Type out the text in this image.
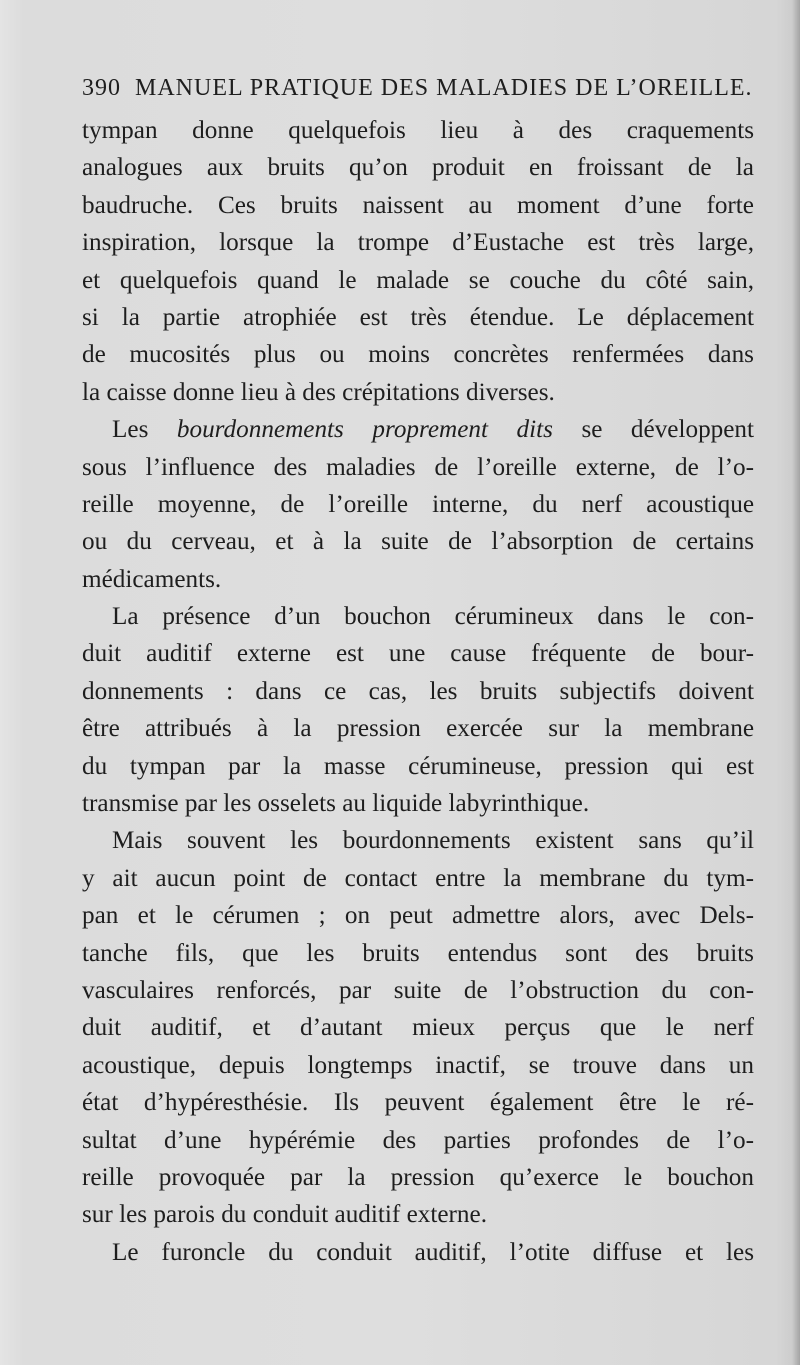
390 MANUEL PRATIQUE DES MALADIES DE L’OREILLE.
tympan donne quelquefois lieu à des craquements
analogues aux bruits qu’on produit en froissant de la
baudruche. Ces bruits naissent au moment d’une forte
inspiration, lorsque la trompe d’Eustache est très large,
et quelquefois quand le malade se couche du côté sain,
si la partie atrophiée est très étendue. Le déplacement
de mucosités plus ou moins concrètes renfermées dans
la caisse donne lieu à des crépitations diverses.
Les bourdonnements proprement dits se développent
sous l’influence des maladies de l’oreille externe, de l’o-
reille moyenne, de l’oreille interne, du nerf acoustique
ou du cerveau, et à la suite de l’absorption de certains
médicaments.
La présence d’un bouchon cérumineux dans le con-
duit auditif externe est une cause fréquente de bour-
donnements : dans ce cas, les bruits subjectifs doivent
être attribués à la pression exercée sur la membrane
du tympan par la masse cérumineuse, pression qui est
transmise par les osselets au liquide labyrinthique.
Mais souvent les bourdonnements existent sans qu’il
y ait aucun point de contact entre la membrane du tym-
pan et le cérumen ; on peut admettre alors, avec Dels-
tanche fils, que les bruits entendus sont des bruits
vasculaires renforcés, par suite de l’obstruction du con-
duit auditif, et d’autant mieux perçus que le nerf
acoustique, depuis longtemps inactif, se trouve dans un
état d’hypéresthésie. Ils peuvent également être le ré-
sultat d’une hypérémie des parties profondes de l’o-
reille provoquée par la pression qu’exerce le bouchon
sur les parois du conduit auditif externe.
Le furoncle du conduit auditif, l’otite diffuse et les
